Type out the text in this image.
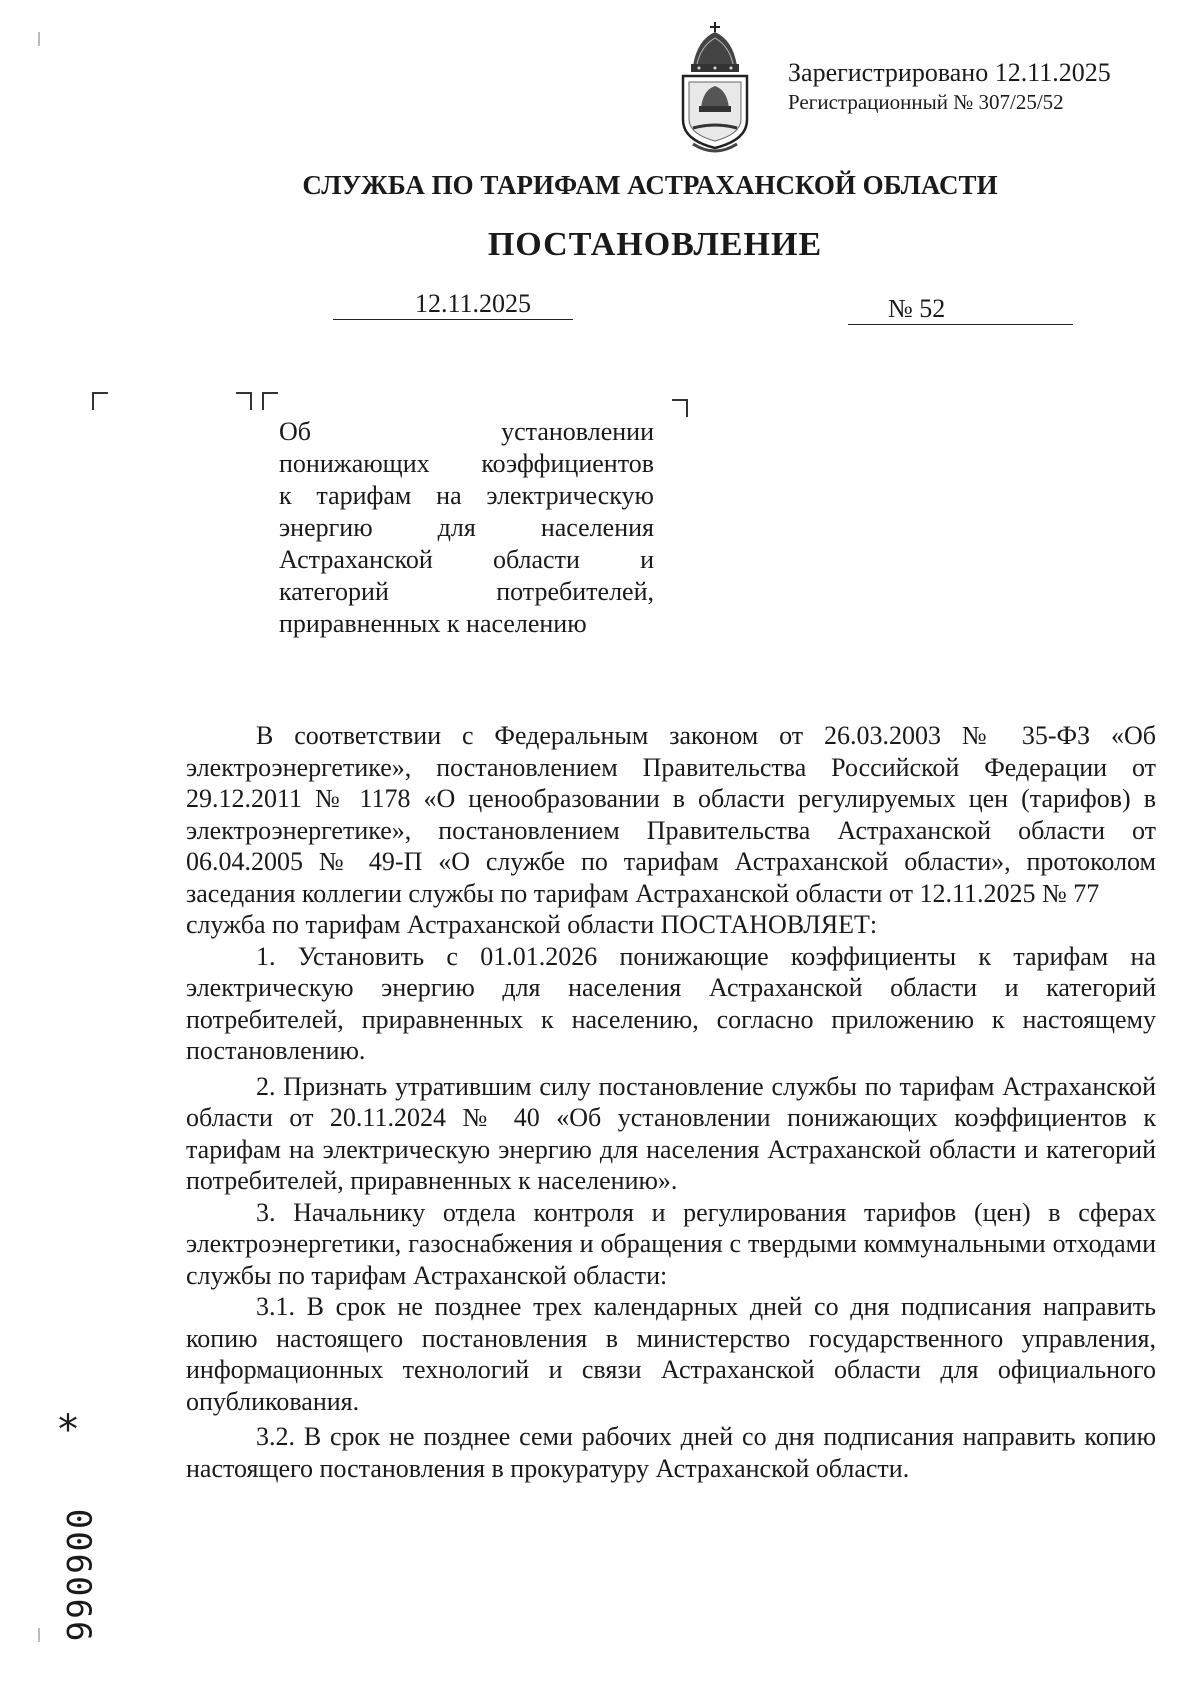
Зарегистрировано 12.11.2025
Регистрационный № 307/25/52
СЛУЖБА ПО ТАРИФАМ АСТРАХАНСКОЙ ОБЛАСТИ
ПОСТАНОВЛЕНИЕ
12.11.2025	№ 52
Об	установлении
понижающих коэффициентов
к тарифам на электрическую
энергию	для	населения
Астраханской области и
категорий	потребителей,
приравненных к населению

В соответствии с Федеральным законом от 26.03.2003 № 35-ФЗ «Об электроэнергетике», постановлением Правительства Российской Федерации от 29.12.2011 № 1178 «О ценообразовании в области регулируемых цен (тарифов) в электроэнергетике», постановлением Правительства Астраханской области от 06.04.2005 № 49-П «О службе по тарифам Астраханской области», протоколом заседания коллегии службы по тарифам Астраханской области от 12.11.2025 № 77

служба по тарифам Астраханской области ПОСТАНОВЛЯЕТ:

1. Установить с 01.01.2026 понижающие коэффициенты к тарифам на электрическую энергию для населения Астраханской области и категорий потребителей, приравненных к населению, согласно приложению к настоящему постановлению.

2. Признать утратившим силу постановление службы по тарифам Астраханской области от 20.11.2024 № 40 «Об установлении понижающих коэффициентов к тарифам на электрическую энергию для населения Астраханской области и категорий потребителей, приравненных к населению».

3. Начальнику отдела контроля и регулирования тарифов (цен) в сферах электроэнергетики, газоснабжения и обращения с твердыми коммунальными отходами службы по тарифам Астраханской области:

3.1. В срок не позднее трех календарных дней со дня подписания направить копию настоящего постановления в министерство государственного управления, информационных технологий и связи Астраханской области для официального опубликования.

3.2. В срок не позднее семи рабочих дней со дня подписания направить копию настоящего постановления в прокуратуру Астраханской области.

*
006066
